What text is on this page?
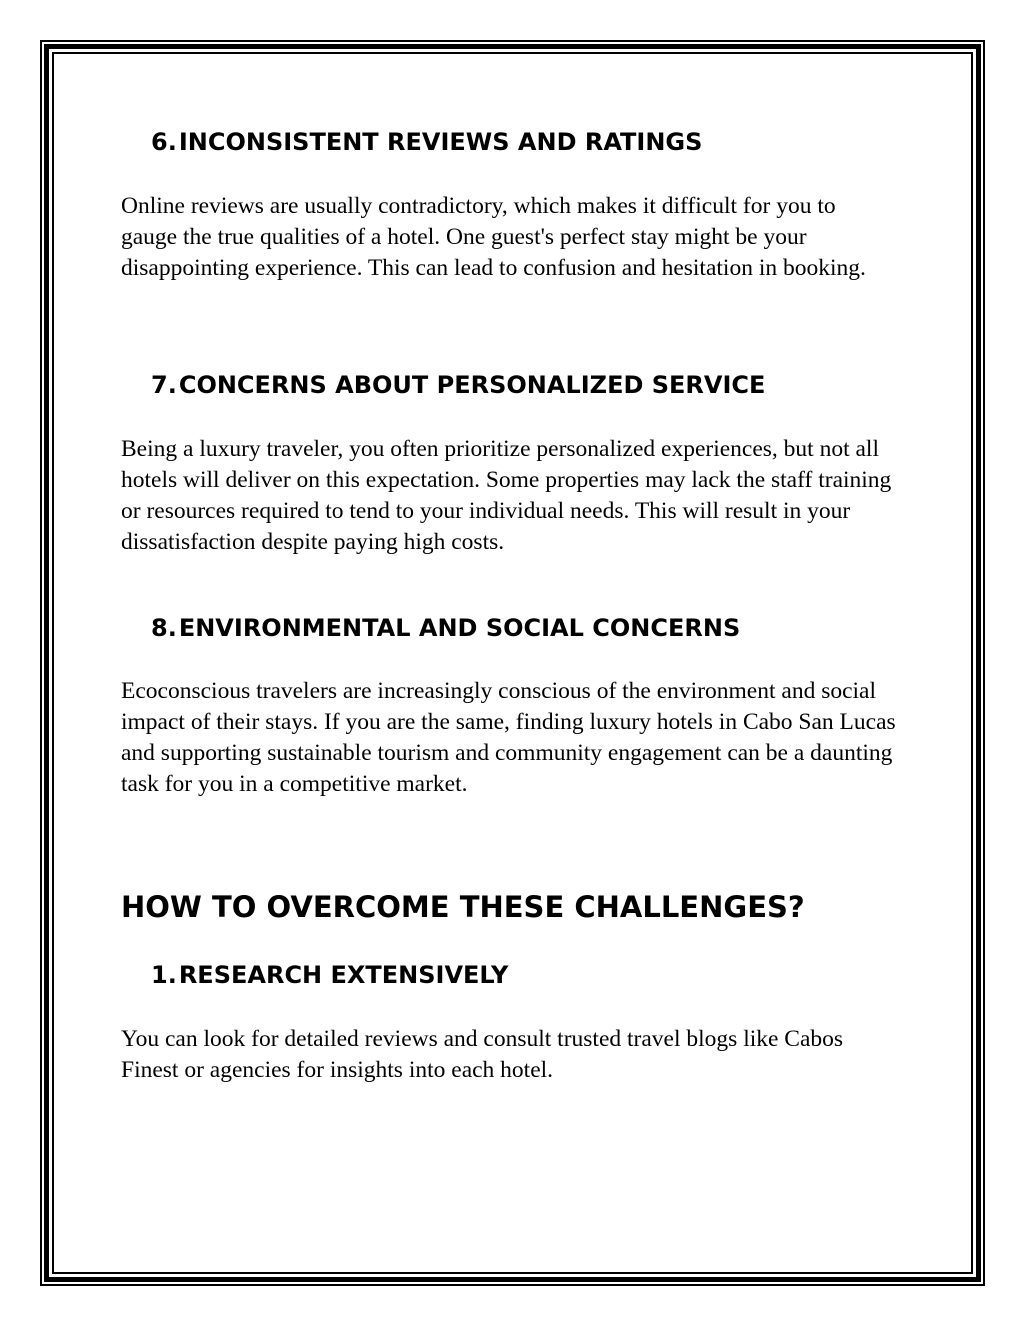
6.INCONSISTENT REVIEWS AND RATINGS

Online reviews are usually contradictory, which makes it difficult for you to gauge the true qualities of a hotel. One guest's perfect stay might be your disappointing experience. This can lead to confusion and hesitation in booking.

7.CONCERNS ABOUT PERSONALIZED SERVICE

Being a luxury traveler, you often prioritize personalized experiences, but not all hotels will deliver on this expectation. Some properties may lack the staff training or resources required to tend to your individual needs. This will result in your dissatisfaction despite paying high costs.

8.ENVIRONMENTAL AND SOCIAL CONCERNS

Ecoconscious travelers are increasingly conscious of the environment and social impact of their stays. If you are the same, finding luxury hotels in Cabo San Lucas and supporting sustainable tourism and community engagement can be a daunting task for you in a competitive market.

HOW TO OVERCOME THESE CHALLENGES?
1.RESEARCH EXTENSIVELY

You can look for detailed reviews and consult trusted travel blogs like Cabos Finest or agencies for insights into each hotel.
